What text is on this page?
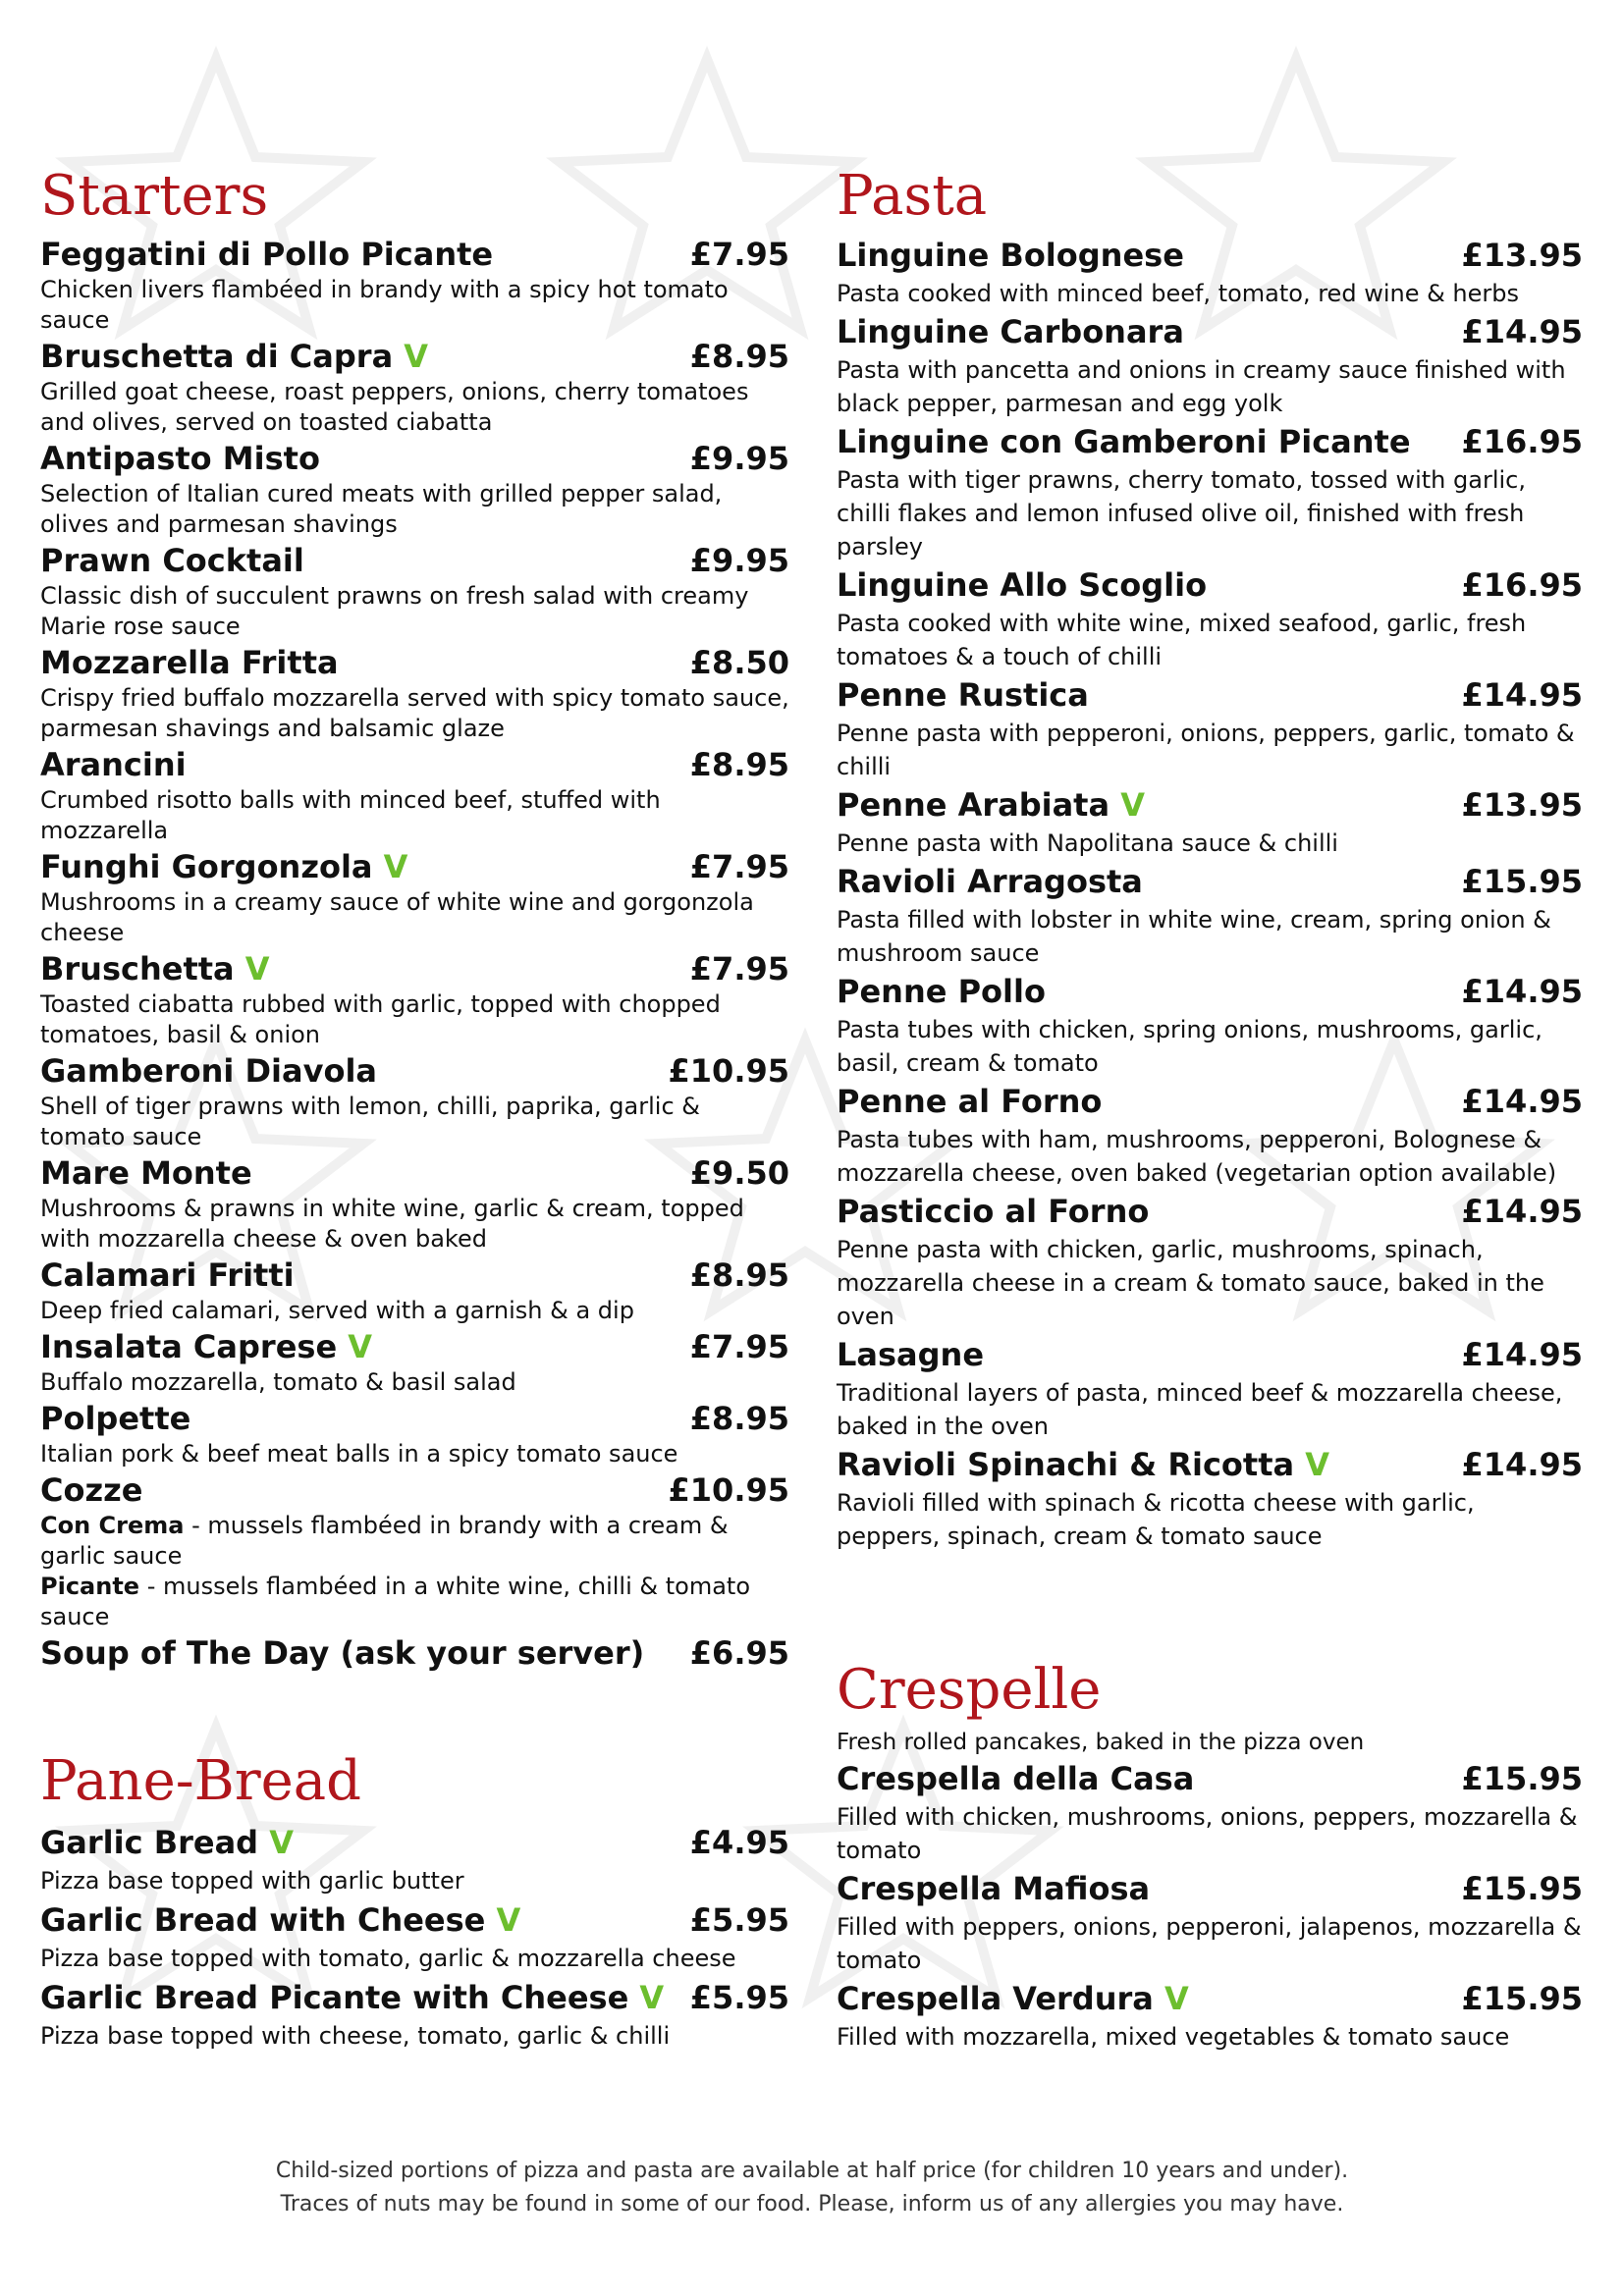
Starters
Feggatini di Pollo Picante	£7.95
Chicken livers flambéed in brandy with a spicy hot tomato sauce
Bruschetta di Capra V	£8.95
Grilled goat cheese, roast peppers, onions, cherry tomatoes and olives, served on toasted ciabatta
Antipasto Misto	£9.95
Selection of Italian cured meats with grilled pepper salad, olives and parmesan shavings
Prawn Cocktail	£9.95
Classic dish of succulent prawns on fresh salad with creamy Marie rose sauce
Mozzarella Fritta	£8.50
Crispy fried buffalo mozzarella served with spicy tomato sauce, parmesan shavings and balsamic glaze
Arancini	£8.95
Crumbed risotto balls with minced beef, stuffed with mozzarella
Funghi Gorgonzola V	£7.95
Mushrooms in a creamy sauce of white wine and gorgonzola cheese
Bruschetta V	£7.95
Toasted ciabatta rubbed with garlic, topped with chopped tomatoes, basil & onion
Gamberoni Diavola	£10.95
Shell of tiger prawns with lemon, chilli, paprika, garlic & tomato sauce
Mare Monte	£9.50
Mushrooms & prawns in white wine, garlic & cream, topped with mozzarella cheese & oven baked
Calamari Fritti	£8.95
Deep fried calamari, served with a garnish & a dip
Insalata Caprese V	£7.95
Buffalo mozzarella, tomato & basil salad
Polpette	£8.95
Italian pork & beef meat balls in a spicy tomato sauce
Cozze	£10.95
Con Crema - mussels flambéed in brandy with a cream & garlic sauce
Picante - mussels flambéed in a white wine, chilli & tomato sauce
Soup of The Day (ask your server) £6.95
Pane-Bread
Garlic Bread V	£4.95
Pizza base topped with garlic butter
Garlic Bread with Cheese V	£5.95
Pizza base topped with tomato, garlic & mozzarella cheese
Garlic Bread Picante with Cheese V £5.95
Pizza base topped with cheese, tomato, garlic & chilli
Pasta
Linguine Bolognese	£13.95
Pasta cooked with minced beef, tomato, red wine & herbs
Linguine Carbonara	£14.95
Pasta with pancetta and onions in creamy sauce finished with black pepper, parmesan and egg yolk
Linguine con Gamberoni Picante £16.95
Pasta with tiger prawns, cherry tomato, tossed with garlic, chilli flakes and lemon infused olive oil, finished with fresh parsley
Linguine Allo Scoglio	£16.95
Pasta cooked with white wine, mixed seafood, garlic, fresh tomatoes & a touch of chilli
Penne Rustica	£14.95
Penne pasta with pepperoni, onions, peppers, garlic, tomato & chilli
Penne Arabiata V	£13.95
Penne pasta with Napolitana sauce & chilli
Ravioli Arragosta	£15.95
Pasta filled with lobster in white wine, cream, spring onion & mushroom sauce
Penne Pollo	£14.95
Pasta tubes with chicken, spring onions, mushrooms, garlic, basil, cream & tomato
Penne al Forno	£14.95
Pasta tubes with ham, mushrooms, pepperoni, Bolognese & mozzarella cheese, oven baked (vegetarian option available)
Pasticcio al Forno	£14.95
Penne pasta with chicken, garlic, mushrooms, spinach, mozzarella cheese in a cream & tomato sauce, baked in the oven
Lasagne	£14.95
Traditional layers of pasta, minced beef & mozzarella cheese, baked in the oven
Ravioli Spinachi & Ricotta V	£14.95
Ravioli filled with spinach & ricotta cheese with garlic, peppers, spinach, cream & tomato sauce
Crespelle
Fresh rolled pancakes, baked in the pizza oven
Crespella della Casa	£15.95
Filled with chicken, mushrooms, onions, peppers, mozzarella & tomato
Crespella Mafiosa	£15.95
Filled with peppers, onions, pepperoni, jalapenos, mozzarella & tomato
Crespella Verdura V	£15.95
Filled with mozzarella, mixed vegetables & tomato sauce
Child-sized portions of pizza and pasta are available at half price (for children 10 years and under).
Traces of nuts may be found in some of our food. Please, inform us of any allergies you may have.
